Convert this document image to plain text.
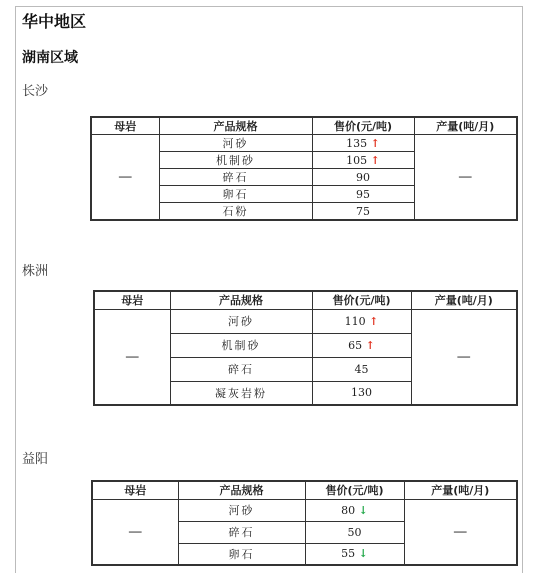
华中地区
湖南区域
长沙
母岩	产品规格	售价(元/吨)	产量(吨/月)
—	河砂	135 ↑	—
	机制砂	105 ↑	
	碎石	90	
	卵石	95	
	石粉	75	
株洲
母岩	产品规格	售价(元/吨)	产量(吨/月)
—	河砂	110 ↑	—
	机制砂	65 ↑	
	碎石	45	
	凝灰岩粉	130	
益阳
母岩	产品规格	售价(元/吨)	产量(吨/月)
—	河砂	80 ↓	—
	碎石	50	
	卵石	55 ↓	
